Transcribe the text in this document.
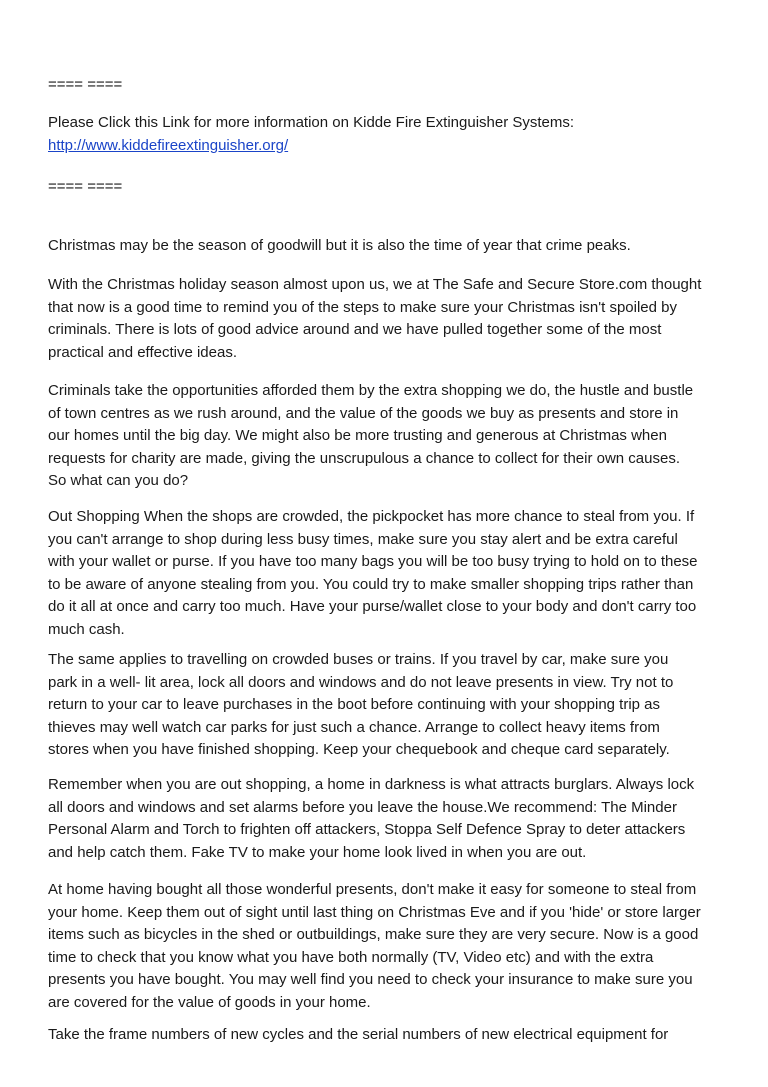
==== ====
Please Click this Link for more information on Kidde Fire Extinguisher Systems:
http://www.kiddefireextinguisher.org/
==== ====
Christmas may be the season of goodwill but it is also the time of year that crime peaks.
With the Christmas holiday season almost upon us, we at The Safe and Secure Store.com thought
that now is a good time to remind you of the steps to make sure your Christmas isn't spoiled by
criminals. There is lots of good advice around and we have pulled together some of the most
practical and effective ideas.
Criminals take the opportunities afforded them by the extra shopping we do, the hustle and bustle
of town centres as we rush around, and the value of the goods we buy as presents and store in
our homes until the big day. We might also be more trusting and generous at Christmas when
requests for charity are made, giving the unscrupulous a chance to collect for their own causes.
So what can you do?
Out Shopping When the shops are crowded, the pickpocket has more chance to steal from you. If
you can't arrange to shop during less busy times, make sure you stay alert and be extra careful
with your wallet or purse. If you have too many bags you will be too busy trying to hold on to these
to be aware of anyone stealing from you. You could try to make smaller shopping trips rather than
do it all at once and carry too much. Have your purse/wallet close to your body and don't carry too
much cash.
The same applies to travelling on crowded buses or trains. If you travel by car, make sure you
park in a well- lit area, lock all doors and windows and do not leave presents in view. Try not to
return to your car to leave purchases in the boot before continuing with your shopping trip as
thieves may well watch car parks for just such a chance. Arrange to collect heavy items from
stores when you have finished shopping. Keep your chequebook and cheque card separately.
Remember when you are out shopping, a home in darkness is what attracts burglars. Always lock
all doors and windows and set alarms before you leave the house.We recommend: The Minder
Personal Alarm and Torch to frighten off attackers, Stoppa Self Defence Spray to deter attackers
and help catch them. Fake TV to make your home look lived in when you are out.
At home having bought all those wonderful presents, don't make it easy for someone to steal from
your home. Keep them out of sight until last thing on Christmas Eve and if you 'hide' or store larger
items such as bicycles in the shed or outbuildings, make sure they are very secure. Now is a good
time to check that you know what you have both normally (TV, Video etc) and with the extra
presents you have bought. You may well find you need to check your insurance to make sure you
are covered for the value of goods in your home.
Take the frame numbers of new cycles and the serial numbers of new electrical equipment for
